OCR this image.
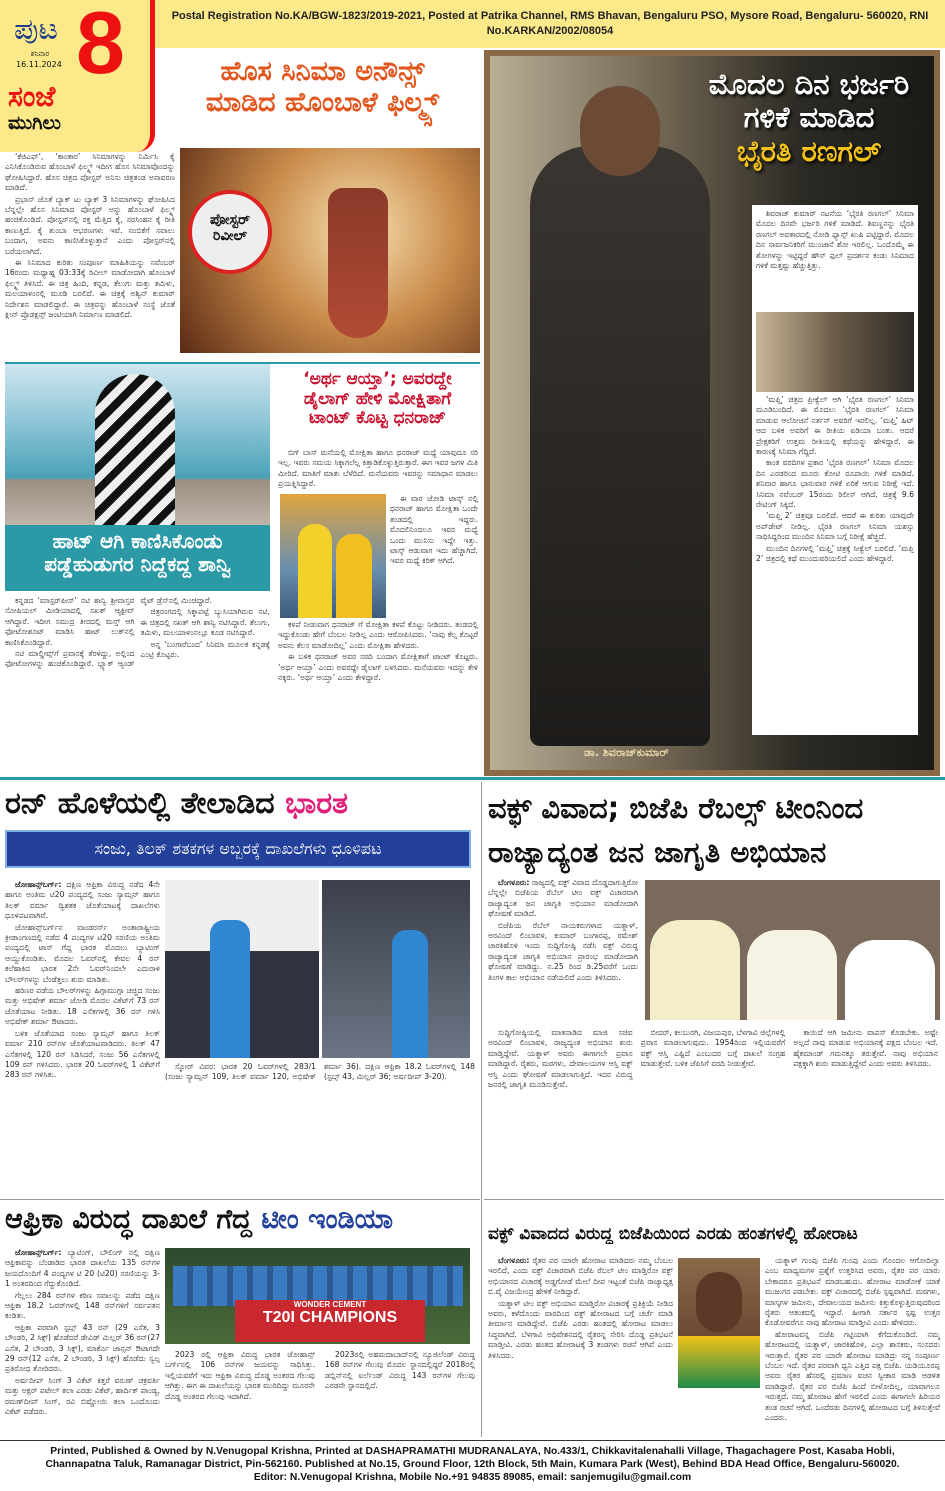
ಪುಟ 8
ಶನಿವಾರ
16.11.2024
ಸಂಜೆ
ಮುಗಿಲು
Postal Registration No.KA/BGW-1823/2019-2021, Posted at Patrika Channel, RMS Bhavan, Bengaluru PSO, Mysore Road, Bengaluru- 560020, RNI No.KARKAN/2002/08054
ಹೊಸ ಸಿನಿಮಾ ಅನೌನ್ಸ್
ಮಾಡಿದ ಹೊಂಬಾಳೆ ಫಿಲ್ಮ್ಸ್

‘ಕೆಜಿಎಫ್’, ‘ಕಾಂತಾರ’ ಸಿನಿಮಾಗಳನ್ನು ನಿರ್ಮಿಸಿ ಕೈ ಎನಿಸಿಕೊಂಡಿರುವ ಹೊಂಬಾಳೆ ಫಿಲ್ಮ್ಸ್ ಇದೀಗ ಹೊಸ ಸಿನಿಮಾವೊಂದನ್ನು ಘೋಷಿಸಿದ್ದಾರೆ. ಹೊಸ ಚಿತ್ರದ ಪೋಸ್ಟರ್ ಅನಿಸು ಚಿತ್ರತಂಡ ಅನಾವರಣ ಮಾಡಿದೆ.

ಪ್ರಭಾಸ್ ಜೊತೆ ಬ್ಯಾಕ್ ಟು ಬ್ಯಾಕ್ 3 ಸಿನಿಮಾಗಳನ್ನು ಘೋಷಿಸಿದ ಬೆನ್ನಲ್ಲೇ ಹೊಸ ಸಿನಿಮಾದ ಪೋಸ್ಟರ್ ಅನ್ನು ಹೊಂಬಾಳೆ ಫಿಲ್ಮ್ಸ್ ಹಂಚಿಕೊಂಡಿದೆ. ಪೋಸ್ಟರ್‌ನಲ್ಲಿ ರಕ್ತ ಮೆತ್ತಿದ ಕೈ, ನರಸಿಂಹನ ಕೈ ರೀತಿ ಕಾಣುತ್ತಿದೆ. ಕೈ ತುಂಬಾ ಆಭರಣಗಳು ಇವೆ. ನಂಬಿಕೆಗೆ ಸವಾಲು ಬಂದಾಗ, ಅವನು ಕಾಣಿಸಿಕೊಳ್ಳುತ್ತಾನೆ ಎಂದು ಪೋಸ್ಟರ್‌ನಲ್ಲಿ ಬರೆಯಲಾಗಿದೆ.

ಈ ಸಿನಿಮಾದ ಕುರಿತು ಸಂಪೂರ್ಣ ಮಾಹಿತಿಯನ್ನು ನವೆಂಬರ್ 16ರಂದು ಮಧ್ಯಾಹ್ನ 03:33ಕ್ಕೆ ರಿವೀಲ್ ಮಾಡೋದಾಗಿ ಹೊಂಬಾಳೆ ಫಿಲ್ಮ್ಸ್ ತಿಳಿಸಿದೆ. ಈ ಚಿತ್ರ ಹಿಂದಿ, ಕನ್ನಡ, ತೆಲುಗು ಮತ್ತು ತಮಿಳು, ಮಲಯಾಳಂನಲ್ಲಿ ಮೂಡಿ ಬರಲಿದೆ. ಈ ಚಿತ್ರಕ್ಕೆ ಅಶ್ವಿನ್ ಕುಮಾರ್ ನಿರ್ದೇಶನ ಮಾಡಲಿದ್ದಾರೆ. ಈ ಚಿತ್ರವನ್ನು ಹೊಂಬಾಳೆ ಸಂಸ್ಥೆ ಜೊತೆ ಕ್ಲೀನ್ ಪ್ರೊಡಕ್ಷನ್ಸ್ ಜಂಟಿಯಾಗಿ ನಿರ್ಮಾಣ ಮಾಡಲಿದೆ.

ಪೋಸ್ಟರ್
ರಿವೀಲ್
ಹಾಟ್ ಆಗಿ ಕಾಣಿಸಿಕೊಂಡು
ಪಡ್ಡೆಹುಡುಗರ ನಿದ್ದೆಕದ್ದ ಶಾನ್ವಿ

ಕನ್ನಡದ ‘ಮಾಸ್ಟರ್‌ಪೀಸ್’ ನಟಿ ಶಾನ್ವಿ ಶ್ರೀವಾಸ್ತವ ಸೋಷಿಯಲ್ ಮೀಡಿಯಾದಲ್ಲಿ ಸಖತ್ ಆ್ಯಕ್ಟೀವ್ ಆಗಿದ್ದಾರೆ. ಇದೀಗ ಸಮುದ್ರ ತೀರದಲ್ಲಿ ಮಸ್ತ್ ಆಗಿ ಫೋಟೋಶೂಟ್ ಮಾಡಿಸಿ ಹಾಟ್ ಲುಕ್‌ನಲ್ಲಿ ಕಾಣಿಸಿಕೊಂಡಿದ್ದಾರೆ.

ನಟಿ ಮಾಲ್ಡೀವ್ಸ್‌ಗೆ ಪ್ರವಾಸಕ್ಕೆ ತೆರಳಿದ್ದು, ಅಲ್ಲಿಂದ ಫೋಟೋಗಳನ್ನು ಹಂಚಿಕೊಂಡಿದ್ದಾರೆ. ಬ್ಲ್ಯಾಕ್ ಆ್ಯಂಡ್ ವೈಟ್ ಡ್ರೆಸ್‌ನಲ್ಲಿ ಮಿಂಚಿದ್ದಾರೆ.

ಚಿತ್ರರಂಗದಲ್ಲಿ ಸಿಕ್ಕಾಪಟ್ಟೆ ಬ್ಯುಸಿಯಾಗಿರುವ ನಟಿ, ಈ ಚಿತ್ರದಲ್ಲಿ ಸಖತ್ ಆಗಿ ಶಾನ್ವಿ ನಟಿಸಿದ್ದಾರೆ. ತೆಲುಗು, ತಮಿಳು, ಮಲಯಾಳಂನಲ್ಲೂ ಕೂಡ ನಟಿಸಿದ್ದಾರೆ.

ಅನ್ನ ‘ಬಂಗಾರೆಬಂದ’ ಸಿನಿಮಾ ಮೂಲಕ ಕನ್ನಡಕ್ಕೆ ಎಂಟ್ರಿ ಕೊಟ್ಟರು.

‘ಅರ್ಥ ಆಯ್ತಾ’; ಅವರದ್ದೇ
ಡೈಲಾಗ್ ಹೇಳಿ ಮೋಕ್ಷಿತಾಗೆ
ಟಾಂಟ್ ಕೊಟ್ಟ ಧನರಾಜ್

ಬಿಗ್ ಬಾಸ್ ಮನೆಯಲ್ಲಿ ಮೋಕ್ಷಿತಾ ಹಾಗೂ ಧನರಾಜ್ ಮಧ್ಯೆ ಯಾವುದೂ ಸರಿ ಇಲ್ಲ. ಇವರು ಸಮಯ ಸಿಕ್ಕಾಗಲೆಲ್ಲ ಕಿತ್ತಾಡಿಕೊಳ್ಳುತ್ತಿರುತ್ತಾರೆ. ಈಗ ಇವರ ಜಗಳ ಮಿತಿ ಮೀರಿದೆ. ಮಾತಿಗೆ ಮಾತು ಬೆಳೆದಿದೆ. ಮನೆಯವರು ಇವರನ್ನು ಸಮಾಧಾನ ಮಾಡಲು ಪ್ರಯತ್ನಿಸಿದ್ದಾರೆ.

ಈ ವಾರ ಜೋಡಿ ಟಾಸ್ಕ್ ನಲ್ಲಿ ಧನರಾಜ್ ಹಾಗೂ ಮೋಕ್ಷಿತಾ ಒಂದೇ ತಂಡದಲ್ಲಿ ಇದ್ದರು. ಮೊದಲಿನಿಂದಲೂ ಇವರ ಮಧ್ಯೆ ಒಂದು ಮುನಿಸು ಇದ್ದೇ ಇತ್ತು. ಟಾಸ್ಕ್ ಆಡುವಾಗ ಇದು ಹೆಚ್ಚಾಗಿದೆ. ಇವರ ಮಧ್ಯೆ ಕಿರಿಕ್ ಆಗಿದೆ.

ಕಳಪೆ ನೀಡುವಾಗ ಧನರಾಜ್ ಗೆ ಮೋಕ್ಷಿತಾ ಕಳಪೆ ಕೊಟ್ಟು ನೀಡಿದರು. ತಂಡದಲ್ಲಿ ಇದ್ದುಕೊಂಡು ಹೇಗೆ ಬೆಂಬಲ ನೀಡಿಲ್ಲ ಎಂದು ಆರೋಪಿಸಿದರು. ‘ನಾವು ಕೆಲ್ಸ ಕೊಟ್ಟರೆ ಅವನು ಕೆಲಸ ಮಾಡೋದಿಲ್ಲ’ ಎಂದು ಮೋಕ್ಷಿತಾ ಹೇಳಿದರು.

ಈ ಬಳಿಕ ಧನರಾಜ್ ಅವರ ಸರದಿ ಬಂದಾಗ ಮೋಕ್ಷಿತಾಗೆ ಟಾಂಟ್ ಕೊಟ್ಟರು. ‘ಅರ್ಥ ಆಯ್ತಾ’ ಎಂದು ಅವರದ್ದೇ ಡೈಲಾಗ್ ಬಳಸಿದರು. ಮನೆಯವರು ಇದನ್ನು ಕೇಳಿ ನಕ್ಕರು. ‘ಅರ್ಥ ಆಯ್ತಾ’ ಎಂದು ಕೇಳಿದ್ದಾರೆ.

ಮೊದಲ ದಿನ ಭರ್ಜರಿ
ಗಳಿಕೆ ಮಾಡಿದ
ಭೈರತಿ ರಣಗಲ್

ಶಿವರಾಜ್ ಕುಮಾರ್ ನಟನೆಯ ‘ಭೈರತಿ ರಣಗಲ್’ ಸಿನಿಮಾ ಮೊದಲ ದಿನವೇ ಭರ್ಜರಿ ಗಳಿಕೆ ಮಾಡಿದೆ. ಶಿವಣ್ಣನನ್ನು ಭೈರತಿ ರಣಗಲ್ ಅವತಾರದಲ್ಲಿ ನೋಡಿ ಫ್ಯಾನ್ಸ್ ಖುಷಿ ಪಟ್ಟಿದ್ದಾರೆ. ಮೊದಲ ದಿನ ಸಾರ್ವಜನಿಕರಿಗೆ ಮುಂಜಾನೆ ಶೋ ಇರಲಿಲ್ಲ. ಒಂದೊಮ್ಮೆ ಈ ಶೋಗಳನ್ನು ಇಟ್ಟಿದ್ದರೆ ಹೌಸ್ ಫುಲ್ ಪ್ರದರ್ಶನ ಕಂಡು ಸಿನಿಮಾದ ಗಳಿಕೆ ಮತ್ತಷ್ಟು ಹೆಚ್ಚುತ್ತಿತ್ತು.

‘ಮಫ್ತಿ’ ಚಿತ್ರದ ಪ್ರೀಕ್ವೆಲ್ ಆಗಿ ‘ಭೈರತಿ ರಣಗಲ್’ ಸಿನಿಮಾ ಮೂಡಿಬಂದಿದೆ. ಈ ಮೊದಲು ‘ಭೈರತಿ ರಣಗಲ್’ ಸಿನಿಮಾ ಮಾಡುವ ಆಲೋಚನೆ ನರ್ತನ್ ಅವರಿಗೆ ಇರಲಿಲ್ಲ. ‘ಮಫ್ತಿ’ ಹಿಟ್ ಆದ ಬಳಿಕ ಅವರಿಗೆ ಈ ರೀತಿಯ ಐಡಿಯಾ ಬಂತು. ಆದರೆ ಪ್ರೇಕ್ಷಕರಿಗೆ ಉತ್ತಮ ರೀತಿಯಲ್ಲಿ ಕಥೆಯನ್ನು ಹೇಳಿದ್ದಾರೆ. ಈ ಕಾರಣಕ್ಕೆ ಸಿನಿಮಾ ಗೆದ್ದಿದೆ.

ಕಾಂತ ವರದಿಗಳ ಪ್ರಕಾರ ‘ಭೈರತಿ ರಣಗಲ್’ ಸಿನಿಮಾ ಮೊದಲ ದಿನ ಎರಡರಿಂದ ಮೂರು ಕೋಟಿ ರೂಪಾಯಿ ಗಳಿಕೆ ಮಾಡಿದೆ. ಶನಿವಾರ ಹಾಗೂ ಭಾನುವಾರ ಗಳಿಕೆ ಏರಿಕೆ ಆಗುವ ನಿರೀಕ್ಷೆ ಇದೆ. ಸಿನಿಮಾ ನವೆಂಬರ್ 15ರಂದು ರಿಲೀಸ್ ಆಗಿದೆ. ಚಿತ್ರಕ್ಕೆ 9.6 ರೇಟಿಂಗ್ ಸಿಕ್ಕಿದೆ.

‘ಮಫ್ತಿ 2’ ಚಿತ್ರವೂ ಬರಲಿದೆ. ಆದರೆ ಈ ಕುರಿತು ಯಾವುದೇ ಅಪ್‌ಡೇಟ್ ನೀಡಿಲ್ಲ. ಭೈರತಿ ರಣಗಲ್ ಸಿನಿಮಾ ಯಶಸ್ಸು ಸಾಧಿಸಿದ್ದರಿಂದ ಮುಂದಿನ ಸಿನಿಮಾ ಬಗ್ಗೆ ನಿರೀಕ್ಷೆ ಹೆಚ್ಚಿದೆ.

ಮುಂದಿನ ದಿನಗಳಲ್ಲಿ ‘ಮಫ್ತಿ’ ಚಿತ್ರಕ್ಕೆ ಸೀಕ್ವೆಲ್ ಬರಲಿದೆ. ‘ಮಫ್ತಿ 2’ ಚಿತ್ರದಲ್ಲಿ ಕಥೆ ಮುಂದುವರಿಯಲಿದೆ ಎಂದು ಹೇಳಿದ್ದಾರೆ.

ಡಾ. ಶಿವರಾಜ್‌ಕುಮಾರ್
ರನ್ ಹೊಳೆಯಲ್ಲಿ ತೇಲಾಡಿದ ಭಾರತ
ಸಂಜು, ತಿಲಕ್ ಶತಕಗಳ ಅಬ್ಬರಕ್ಕೆ ದಾಖಲೆಗಳು ಧೂಳಿಪಟ

ಜೋಹಾನ್ಸ್‌ಬರ್ಗ್: ದಕ್ಷಿಣ ಆಫ್ರಿಕಾ ವಿರುದ್ಧ ನಡೆದ 4ನೇ ಹಾಗೂ ಅಂತಿಮ ಟಿ20 ಪಂದ್ಯದಲ್ಲಿ ಸಂಜು ಸ್ಯಾಮ್ಸನ್ ಹಾಗೂ ತಿಲಕ್ ವರ್ಮಾ ದ್ವಿಶತಕ ಜೊತೆಯಾಟಕ್ಕೆ ದಾಖಲೆಗಳು ಧೂಳಿಪಟವಾಗಿವೆ.

ಜೋಹಾನ್ಸ್‌ಬರ್ಗ್‌ನ ವಾಂಡರರ್ಸ್ ಅಂತಾರಾಷ್ಟ್ರೀಯ ಕ್ರೀಡಾಂಗಣದಲ್ಲಿ ನಡೆದ 4 ಪಂದ್ಯಗಳ ಟಿ20 ಸರಣಿಯ ಅಂತಿಮ ಪಂದ್ಯದಲ್ಲಿ ಟಾಸ್ ಗೆದ್ದ ಭಾರತ ಮೊದಲು ಬ್ಯಾಟಿಂಗ್ ಆಯ್ದುಕೊಂಡಿತು. ಮೊದಲ ಓವರ್‌ನಲ್ಲಿ ಕೇವಲ 4 ರನ್ ಕಲೆಹಾಕಿದ ಭಾರತ 2ನೇ ಓವರ್‌ನಿಂದಲೇ ಎದುರಾಳಿ ಬೌಲರ್‌ಗಳನ್ನು ಬೆಂಡೆತ್ತಲು ಶುರು ಮಾಡಿತು.

ಹರಿಣರ ಪಡೆಯ ಬೌಲರ್‌ಗಳನ್ನು ಹಿಗ್ಗಾಮುಗ್ಗಾ ಚಚ್ಚಿದ ಸಂಜು ಮತ್ತು ಅಭಿಷೇಕ್ ಶರ್ಮಾ ಜೋಡಿ ಮೊದಲ ವಿಕೆಟ್‌ಗೆ 73 ರನ್ ಜೊತೆಯಾಟ ನೀಡಿತು. 18 ಎಸೆತಗಳಲ್ಲಿ 36 ರನ್ ಗಳಿಸಿ ಅಭಿಷೇಕ್ ಶರ್ಮಾ ಔಟಾದರು.

ಬಳಿಕ ಜೊತೆಯಾದ ಸಂಜು ಸ್ಯಾಮ್ಸನ್ ಹಾಗೂ ತಿಲಕ್ ವರ್ಮಾ 210 ರನ್‌ಗಳ ಜೊತೆಯಾಟವಾಡಿದರು. ತಿಲಕ್ 47 ಎಸೆತಗಳಲ್ಲಿ 120 ರನ್ ಸಿಡಿಸಿದರೆ, ಸಂಜು 56 ಎಸೆತಗಳಲ್ಲಿ 109 ರನ್ ಗಳಿಸಿದರು. ಭಾರತ 20 ಓವರ್‌ಗಳಲ್ಲಿ 1 ವಿಕೆಟ್‌ಗೆ 283 ರನ್ ಗಳಿಸಿತು.

ಸ್ಕೋರ್ ವಿವರ: ಭಾರತ 20 ಓವರ್‌ಗಳಲ್ಲಿ 283/1 (ಸಂಜು ಸ್ಯಾಮ್ಸನ್ 109, ತಿಲಕ್ ವರ್ಮಾ 120, ಅಭಿಷೇಕ್ ಶರ್ಮಾ 36). ದಕ್ಷಿಣ ಆಫ್ರಿಕಾ 18.2 ಓವರ್‌ಗಳಲ್ಲಿ 148 (ಸ್ಟಬ್ಸ್ 43, ಮಿಲ್ಲರ್ 36; ಅರ್ಷದೀಪ್ 3-20).

ವಕ್ಫ್ ವಿವಾದ; ಬಿಜೆಪಿ ರೆಬಲ್ಸ್ ಟೀಂನಿಂದ
ರಾಜ್ಯಾದ್ಯಂತ ಜನ ಜಾಗೃತಿ ಅಭಿಯಾನ

ಬೆಂಗಳೂರು: ರಾಜ್ಯದಲ್ಲಿ ವಕ್ಫ್ ವಿವಾದ ದೊಡ್ಡದಾಗುತ್ತಿರೋ ಬೆನ್ನಲ್ಲೇ ಬಿಜೆಪಿಯ ರೆಬೆಲ್ ಟೀಂ ವಕ್ಫ್ ವಿಚಾರವಾಗಿ ರಾಜ್ಯಾದ್ಯಂತ ಜನ ಜಾಗೃತಿ ಅಭಿಯಾನ ಮಾಡೋದಾಗಿ ಘೋಷಣೆ ಮಾಡಿದೆ.

ಬಿಜೆಪಿಯ ರೆಬೆಲ್ ನಾಯಕರುಗಳಾದ ಯತ್ನಾಳ್, ಅರವಿಂದ್ ಲಿಂಬಾವಳಿ, ಕುಮಾರ್ ಬಂಗಾರಪ್ಪ, ರಮೇಶ್ ಜಾರಕಿಹೊಳಿ ಇಂದು ಸುದ್ದಿಗೋಷ್ಠಿ ನಡೆಸಿ ವಕ್ಫ್ ವಿರುದ್ಧ ರಾಜ್ಯಾದ್ಯಂತ ಜಾಗೃತಿ ಅಭಿಯಾನ ಪ್ರಾರಂಭ ಮಾಡೋದಾಗಿ ಘೋಷಣೆ ಮಾಡಿದ್ದು. ನ.25 ರಿಂದ ಡಿ.25ವರೆಗೆ ಒಂದು ತಿಂಗಳ ಕಾಲ ಅಭಿಯಾನ ನಡೆಯಲಿದೆ ಎಂದು ತಿಳಿಸಿದರು.

ಸುದ್ದಿಗೋಷ್ಠಿಯಲ್ಲಿ ಮಾತನಾಡಿದ ಮಾಜಿ ಸಚಿವ ಅರವಿಂದ್ ಲಿಂಬಾವಳಿ, ರಾಜ್ಯದ್ಯಂತ ಅಭಿಯಾನ ಶುರು ಮಾಡ್ತಿದ್ದೇವೆ. ಯತ್ನಾಳ್ ಅವರು ಈಗಾಗಲೇ ಪ್ರವಾಸ ಮಾಡಿದ್ದಾರೆ. ರೈತರು, ಮಠಗಳು, ದೇವಾಲಯಗಳ ಆಸ್ತಿ ವಕ್ಫ್ ಆಸ್ತಿ ಎಂದು ಘೋಷಣೆ ಮಾಡಲಾಗುತ್ತಿದೆ. ಇದರ ವಿರುದ್ಧ ಜನರಲ್ಲಿ ಜಾಗೃತಿ ಮೂಡಿಸುತ್ತೇವೆ.

ಬೀದರ್, ಕಲಬುರಗಿ, ವಿಜಯಪುರ, ಬೆಳಗಾವಿ ಜಿಲ್ಲೆಗಳಲ್ಲಿ ಪ್ರವಾಸ ಮಾಡಲಾಗುವುದು. 1954ರಿಂದ ಇಲ್ಲಿಯವರೆಗೆ ವಕ್ಫ್ ಆಸ್ತಿ ಎಷ್ಟಿದೆ ಎಂಬುದರ ಬಗ್ಗೆ ದಾಖಲೆ ಸಂಗ್ರಹ ಮಾಡುತ್ತೇವೆ. ಬಳಿಕ ಜೆಪಿಸಿಗೆ ವರದಿ ನೀಡುತ್ತೇವೆ.

ಕಾಯಿದೆ ಆಗಿ ಜಮೀನು ವಾಪಸ್ ಕೊಡಬೇಕು. ಅಷ್ಟೇ ಅಲ್ಲದೆ ನಾವು ಮಾಡುವ ಅಭಿಯಾನಕ್ಕೆ ಪಕ್ಷದ ಬೆಂಬಲ ಇದೆ. ಹೈಕಮಾಂಡ್ ಗಮನಕ್ಕೂ ತರುತ್ತೇವೆ. ನಾವು ಅಭಿಯಾನ ಪಕ್ಷಕ್ಕಾಗಿ ಶುರು ಮಾಡುತ್ತಿದ್ದೇವೆ ಎಂದು ಅವರು ತಿಳಿಸಿದರು.

ಆಫ್ರಿಕಾ ವಿರುದ್ಧ ದಾಖಲೆ ಗೆದ್ದ ಟೀಂ ಇಂಡಿಯಾ

ಜೋಹಾನ್ಸ್‌ಬರ್ಗ್: ಬ್ಯಾಟಿಂಗ್, ಬೌಲಿಂಗ್ ನಲ್ಲಿ ದಕ್ಷಿಣ ಆಫ್ರಿಕಾವನ್ನು ಬೆಂಡಾಡಿದ ಭಾರತ ದಾಖಲೆಯ 135 ರನ್‌ಗಳ ಜಯದೊಂದಿಗೆ 4 ಪಂದ್ಯಗಳ ಟಿ 20 (ಟಿ20) ಸರಣಿಯನ್ನು 3-1 ಅಂತರದಿಂದ ಗೆದ್ದುಕೊಂಡಿದೆ.

ಗೆಲ್ಲಲು 284 ರನ್‌ಗಳ ಕಠಿಣ ಸವಾಲನ್ನು ಪಡೆದ ದಕ್ಷಿಣ ಆಫ್ರಿಕಾ 18.2 ಓವರ್‌ಗಳಲ್ಲಿ 148 ರನ್‌ಗಳಿಗೆ ಸರ್ವಪತನ ಕಂಡಿತು.

ಆಫ್ರಿಕಾ ಪರವಾಗಿ ಸ್ಟಬ್ಸ್ 43 ರನ್ (29 ಎಸೆತ, 3 ಬೌಂಡರಿ, 2 ಸಿಕ್ಸ್) ಹೊಡೆದರೆ ಡೇವಿಡ್ ಮಿಲ್ಲರ್ 36 ರನ್(27 ಎಸೆತ, 2 ಬೌಂಡರಿ, 3 ಸಿಕ್ಸ್), ಮಾರ್ಕೊ ಜಾನ್ಸನ್ ಔಟಾಗದೇ 29 ರನ್(12 ಎಸೆತ, 2 ಬೌಂಡರಿ, 3 ಸಿಕ್ಸ್) ಹೊಡೆದು ಸ್ವಲ್ಪ ಪ್ರತಿರೋಧ ತೋರಿದರು.

ಅರ್ಷದೀಪ್ ಸಿಂಗ್ 3 ವಿಕೆಟ್ ಕಿತ್ತರೆ ವರುಣ್ ಚಕ್ರವರ್ತಿ ಮತ್ತು ಅಕ್ಷರ್ ಪಟೇಲ್ ತಲಾ ಎರಡು ವಿಕೆಟ್, ಹಾರ್ದಿಕ್ ಪಾಂಡ್ಯ, ರಮಣ್‌ದೀಪ್ ಸಿಂಗ್, ರವಿ ಬಿಷ್ಣೋಯಿ ತಲಾ ಒಂದೊಂದು ವಿಕೆಟ್ ಪಡೆದರು.

WONDER CEMENT
T20I CHAMPIONS

2023 ರಲ್ಲಿ ಆಫ್ರಿಕಾ ವಿರುದ್ಧ ಭಾರತ ಜೋಹಾನ್ಸ್ ಬರ್ಗ್‌ನಲ್ಲಿ 106 ರನ್‌ಗಳ ಜಯವನ್ನು ಸಾಧಿಸಿತ್ತು. ಇಲ್ಲಿಯವರೆಗೆ ಇದು ಆಫ್ರಿಕಾ ವಿರುದ್ಧ ದೊಡ್ಡ ಅಂತರದ ಗೆಲುವು ಆಗಿತ್ತು. ಈಗ ಈ ದಾಖಲೆಯನ್ನು ಭಾರತ ಮುರಿದಿದ್ದು ಮೂರನೇ ದೊಡ್ಡ ಅಂತರದ ಗೆಲುವು ಇದಾಗಿದೆ.

2023ರಲ್ಲಿ ಅಹಮದಾಬಾದ್‌ನಲ್ಲಿ ನ್ಯೂಜಿಲೆಂಡ್ ವಿರುದ್ಧ 168 ರನ್‌ಗಳ ಗೆಲುವು ಮೊದಲ ಸ್ಥಾನದಲ್ಲಿದ್ದರೆ 2018ರಲ್ಲಿ ಡಬ್ಲಿನ್‌ನಲ್ಲಿ ಐರ್ಲೆಂಡ್ ವಿರುದ್ಧ 143 ರನ್‌ಗಳ ಗೆಲುವು ಎರಡನೇ ಸ್ಥಾನದಲ್ಲಿದೆ.

ವಕ್ಫ್ ವಿವಾದದ ವಿರುದ್ಧ ಬಿಜೆಪಿಯಿಂದ ಎರಡು ಹಂತಗಳಲ್ಲಿ ಹೋರಾಟ

ಬೆಂಗಳೂರು: ರೈತರ ಪರ ಯಾರೇ ಹೋರಾಟ ಮಾಡಿದರು ನಮ್ಮ ಬೆಂಬಲ ಇರಲಿದೆ, ಎಂದು ವಕ್ಫ್ ವಿಚಾರವಾಗಿ ಬಿಜೆಪಿ ರೆಬಲ್ ಟೀಂ ಮಾಡ್ತಿರೋ ವಕ್ಫ್ ಅಭಿಯಾನದ ವಿಚಾರಕ್ಕೆ ಅಡ್ಡಗೋಡೆ ಮೇಲೆ ದೀಪ ಇಟ್ಟಂತೆ ಬಿಜೆಪಿ ರಾಜ್ಯಾಧ್ಯಕ್ಷ ಬಿ.ವೈ ವಿಜಯೇಂದ್ರ ಹೇಳಿಕೆ ನೀಡಿದ್ದಾರೆ.

ಯತ್ನಾಳ್ ಟೀಂ ವಕ್ಫ್ ಅಭಿಯಾನ ಮಾಡ್ತಿರೋ ವಿಚಾರಕ್ಕೆ ಪ್ರತಿಕ್ರಿಯೆ ನೀಡಿದ ಅವರು, ಕಳೆದೊಂದು ವಾರದಿಂದ ವಕ್ಫ್ ಹೋರಾಟದ ಬಗ್ಗೆ ಚರ್ಚೆ ಮಾಡಿ ತೀರ್ಮಾನ ಮಾಡಿದ್ದೇವೆ. ಬಿಜೆಪಿ ಎರಡು ಹಂತದಲ್ಲಿ ಹೋರಾಟ ಮಾಡಲು ಸಿದ್ಧವಾಗಿದೆ. ಬೆಳಗಾವಿ ಅಧಿವೇಶನದಲ್ಲಿ ರೈತರನ್ನ ಸೇರಿಸಿ ದೊಡ್ಡ ಪ್ರತಿಭಟನೆ ಮಾಡ್ತೀವಿ. ಎರಡು ಹಂತದ ಹೋರಾಟಕ್ಕೆ 3 ತಂಡಗಳು ರಚನೆ ಆಗಿವೆ ಎಂದು ತಿಳಿಸಿದರು.

ಯತ್ನಾಳ್ ಗುಂಪು ಬಿಜೆಪಿ ಗುಂಪು ಎಂದು ಗೊಂದಲ ಆಗೋದಿಲ್ವಾ ಎಂಬ ಮಾಧ್ಯಮಗಳ ಪ್ರಶ್ನೆಗೆ ಉತ್ತರಿಸಿದ ಅವರು, ರೈತರ ಪರ ಯಾರು ಬೇಕಾದರೂ ಪ್ರತಿಭಟನೆ ಮಾಡಬಹುದು. ಹೋರಾಟ ಮಾಡೋಕೆ ಯಾಕೆ ಮುಜುಗರ ಪಡಬೇಕು. ವಕ್ಫ್ ವಿಚಾರದಲ್ಲಿ ಬಿಜೆಪಿ ಸ್ಪಷ್ಟವಾಗಿದೆ. ಮಠಗಳು, ಮಾಸ್ಕಗಳ ಜಮೀನು, ದೇವಾಲಯದ ಜಮೀನು ಕಿತ್ತುಕೊಳ್ಳುತ್ತಿರುವುದರಿಂದ ರೈತರು ಆತಂಕದಲ್ಲಿ ಇದ್ದಾರೆ. ಹೀಗಾಗಿ ಸರ್ಕಾರ ಸ್ಪಷ್ಟ ಉತ್ತರ ಕೊಡೋವರೆಗೂ ನಾವು ಹೋರಾಟ ಮಾಡ್ತೀವಿ ಎಂದು ಹೇಳಿದರು.

ಹೋರಾಟವನ್ನ ಬಿಜೆಪಿ ಗಟ್ಟಿಯಾಗಿ ಕೆಗೆದುಕೊಂಡಿದೆ. ನಮ್ಮ ಹೋರಾಟದಲ್ಲಿ ಯತ್ನಾಳ್, ಜಾರಕಿಹೊಳಿ, ಎಲ್ಲಾ ಶಾಸಕರು, ಸಂಸದರು ಇರುತ್ತಾರೆ. ರೈತರ ಪರ ಯಾರೇ ಹೋರಾಟ ಮಾಡಿದ್ರು ನನ್ನ ಸಂಪೂರ್ಣ ಬೆಂಬಲ ಇದೆ. ರೈತರ ಪರವಾಗಿ ಧ್ವನಿ ಎತ್ತಿದ ಪಕ್ಷ ಬಿಜೆಪಿ. ಯಡಿಯೂರಪ್ಪ ಅವರು ರೈತರ ಹೆಸರಲ್ಲಿ ಪ್ರಮಾಣ ವಚನ ಸ್ವೀಕಾರ ಮಾಡಿ ಆಡಳಿತ ಮಾಡಿದ್ದಾರೆ. ರೈತರ ಪರ ಬಿಜೆಪಿ ಹಿಂದೆ ಬೀಳೋದಿಲ್ಲ, ಯಾವಾಗಲೂ ಇರುತ್ತದೆ. ನಮ್ಮ ಹೋರಾಟ ಹೇಗೆ ಇರಲಿದೆ ಎಂದು ಈಗಾಗಲೇ ಹಿರಿಯರ ತಂಡ ರಚನೆ ಆಗಿದೆ. ಒಂದೆರಡು ದಿನಗಳಲ್ಲಿ ಹೋರಾಟದ ಬಗ್ಗೆ ತಿಳಿಸುತ್ತೇವೆ ಎಂದರು.

Printed, Published & Owned by N.Venugopal Krishna, Printed at DASHAPRAMATHI MUDRANALAYA, No.433/1, Chikkavitalenahalli Village, Thagachagere Post, Kasaba Hobli, Channapatna Taluk, Ramanagar District, Pin-562160. Published at No.15, Ground Floor, 12th Block, 5th Main, Kumara Park (West), Behind BDA Head Office, Bengaluru-560020. Editor: N.Venugopal Krishna, Mobile No.+91 94835 89085, email: sanjemugilu@gmail.com
